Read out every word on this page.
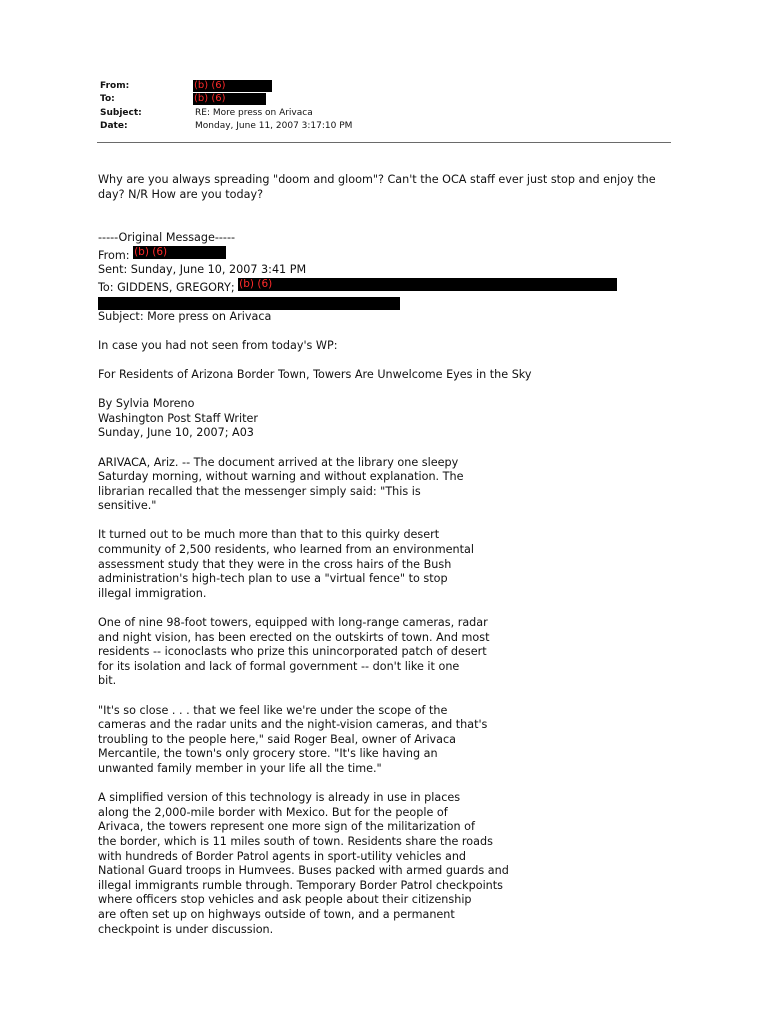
From:	(b) (6)
To:	(b) (6)
Subject:	RE: More press on Arivaca
Date:	Monday, June 11, 2007 3:17:10 PM
Why are you always spreading "doom and gloom"? Can't the OCA staff ever just stop and enjoy the
day? N/R How are you today?
-----Original Message-----
From: (b) (6)
Sent: Sunday, June 10, 2007 3:41 PM
To: GIDDENS, GREGORY; (b) (6)
Subject: More press on Arivaca
In case you had not seen from today's WP:
For Residents of Arizona Border Town, Towers Are Unwelcome Eyes in the Sky
By Sylvia Moreno
Washington Post Staff Writer
Sunday, June 10, 2007; A03
ARIVACA, Ariz. -- The document arrived at the library one sleepy
Saturday morning, without warning and without explanation. The
librarian recalled that the messenger simply said: "This is
sensitive."
It turned out to be much more than that to this quirky desert
community of 2,500 residents, who learned from an environmental
assessment study that they were in the cross hairs of the Bush
administration's high-tech plan to use a "virtual fence" to stop
illegal immigration.
One of nine 98-foot towers, equipped with long-range cameras, radar
and night vision, has been erected on the outskirts of town. And most
residents -- iconoclasts who prize this unincorporated patch of desert
for its isolation and lack of formal government -- don't like it one
bit.
"It's so close . . . that we feel like we're under the scope of the
cameras and the radar units and the night-vision cameras, and that's
troubling to the people here," said Roger Beal, owner of Arivaca
Mercantile, the town's only grocery store. "It's like having an
unwanted family member in your life all the time."
A simplified version of this technology is already in use in places
along the 2,000-mile border with Mexico. But for the people of
Arivaca, the towers represent one more sign of the militarization of
the border, which is 11 miles south of town. Residents share the roads
with hundreds of Border Patrol agents in sport-utility vehicles and
National Guard troops in Humvees. Buses packed with armed guards and
illegal immigrants rumble through. Temporary Border Patrol checkpoints
where officers stop vehicles and ask people about their citizenship
are often set up on highways outside of town, and a permanent
checkpoint is under discussion.
